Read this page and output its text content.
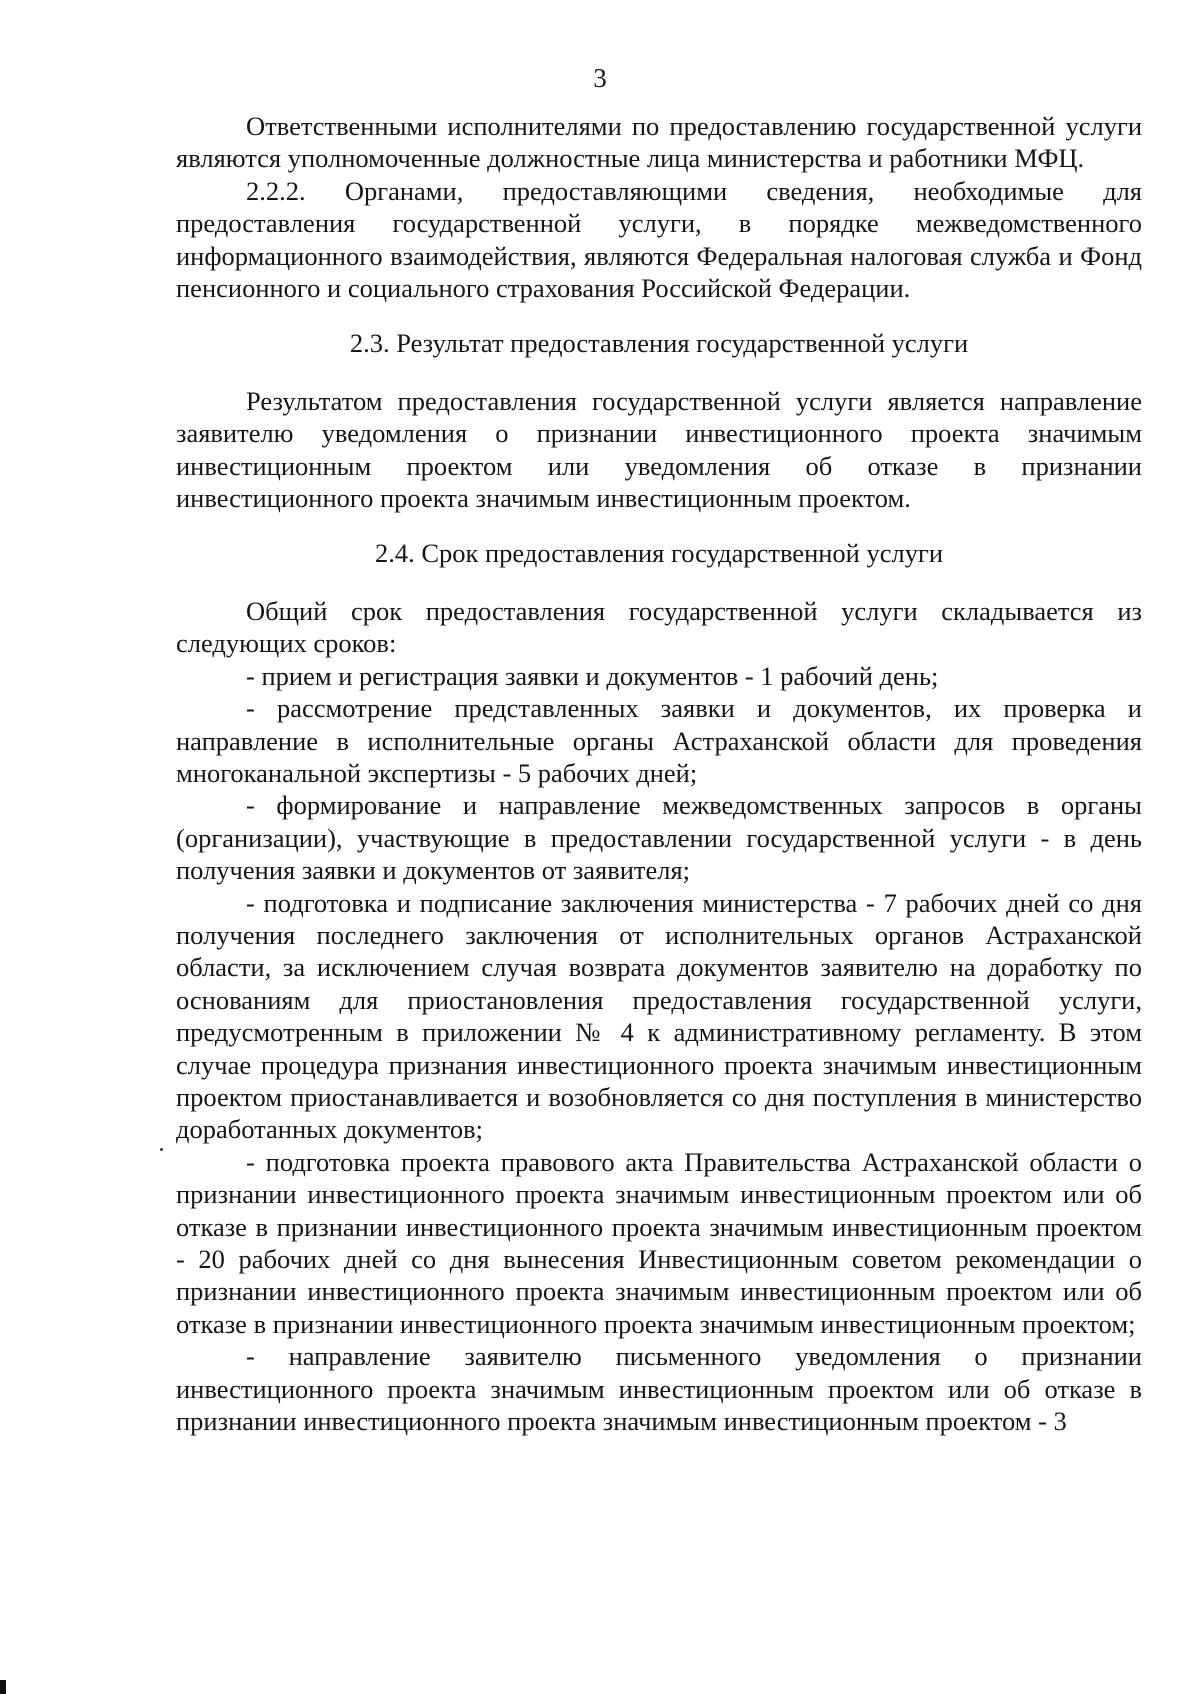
3

Ответственными исполнителями по предоставлению государственной услуги являются уполномоченные должностные лица министерства и работники МФЦ.

2.2.2. Органами, предоставляющими сведения, необходимые для предоставления государственной услуги, в порядке межведомственного информационного взаимодействия, являются Федеральная налоговая служба и Фонд пенсионного и социального страхования Российской Федерации.

2.3. Результат предоставления государственной услуги

Результатом предоставления государственной услуги является направление заявителю уведомления о признании инвестиционного проекта значимым инвестиционным проектом или уведомления об отказе в признании инвестиционного проекта значимым инвестиционным проектом.

2.4. Срок предоставления государственной услуги

Общий срок предоставления государственной услуги складывается из следующих сроков:

- прием и регистрация заявки и документов - 1 рабочий день;

- рассмотрение представленных заявки и документов, их проверка и направление в исполнительные органы Астраханской области для проведения многоканальной экспертизы - 5 рабочих дней;

- формирование и направление межведомственных запросов в органы (организации), участвующие в предоставлении государственной услуги - в день получения заявки и документов от заявителя;

- подготовка и подписание заключения министерства - 7 рабочих дней со дня получения последнего заключения от исполнительных органов Астраханской области, за исключением случая возврата документов заявителю на доработку по основаниям для приостановления предоставления государственной услуги, предусмотренным в приложении № 4 к административному регламенту. В этом случае процедура признания инвестиционного проекта значимым инвестиционным проектом приостанавливается и возобновляется со дня поступления в министерство доработанных документов;

- подготовка проекта правового акта Правительства Астраханской области о признании инвестиционного проекта значимым инвестиционным проектом или об отказе в признании инвестиционного проекта значимым инвестиционным проектом - 20 рабочих дней со дня вынесения Инвестиционным советом рекомендации о признании инвестиционного проекта значимым инвестиционным проектом или об отказе в признании инвестиционного проекта значимым инвестиционным проектом;

- направление заявителю письменного уведомления о признании инвестиционного проекта значимым инвестиционным проектом или об отказе в признании инвестиционного проекта значимым инвестиционным проектом - 3
